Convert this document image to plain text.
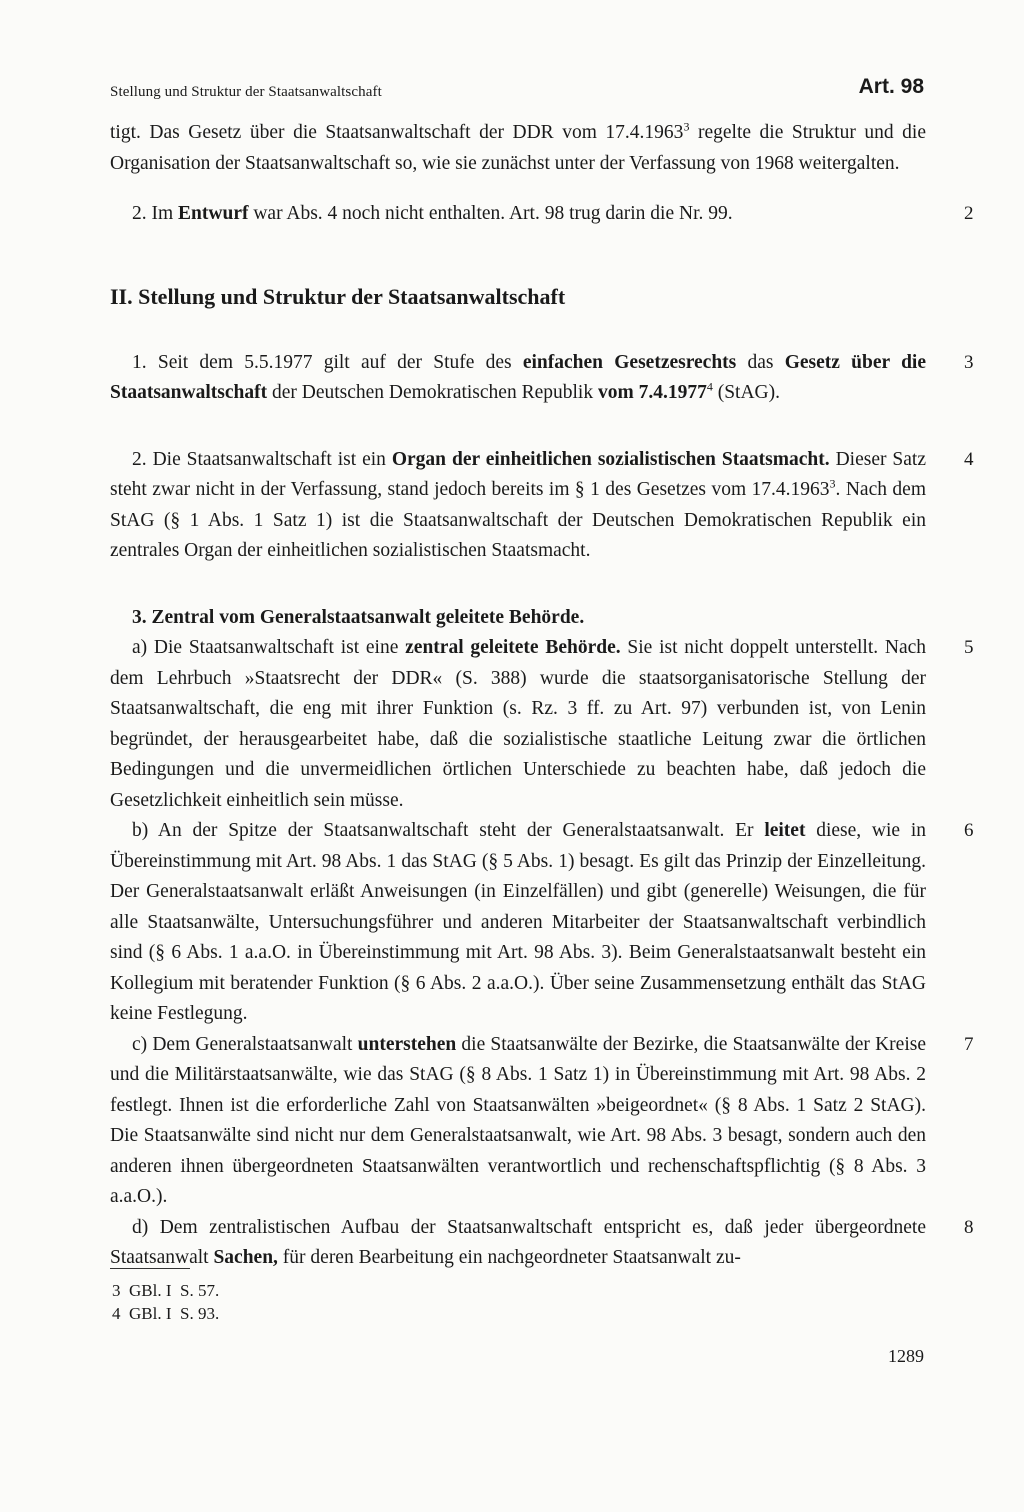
Stellung und Struktur der Staatsanwaltschaft	Art. 98

tigt. Das Gesetz über die Staatsanwaltschaft der DDR vom 17.4.1963$^3$ regelte die Struktur und die Organisation der Staatsanwaltschaft so, wie sie zunächst unter der Verfassung von 1968 weitergalten.

2
2. Im Entwurf war Abs. 4 noch nicht enthalten. Art. 98 trug darin die Nr. 99.

II. Stellung und Struktur der Staatsanwaltschaft

3
1. Seit dem 5.5.1977 gilt auf der Stufe des einfachen Gesetzesrechts das Gesetz über die Staatsanwaltschaft der Deutschen Demokratischen Republik vom 7.4.1977$^4$ (StAG).

4
2. Die Staatsanwaltschaft ist ein Organ der einheitlichen sozialistischen Staatsmacht. Dieser Satz steht zwar nicht in der Verfassung, stand jedoch bereits im § 1 des Gesetzes vom 17.4.1963$^3$. Nach dem StAG (§ 1 Abs. 1 Satz 1) ist die Staatsanwaltschaft der Deutschen Demokratischen Republik ein zentrales Organ der einheitlichen sozialistischen Staatsmacht.

3. Zentral vom Generalstaatsanwalt geleitete Behörde.

5
a) Die Staatsanwaltschaft ist eine zentral geleitete Behörde. Sie ist nicht doppelt unterstellt. Nach dem Lehrbuch »Staatsrecht der DDR« (S. 388) wurde die staatsorganisatorische Stellung der Staatsanwaltschaft, die eng mit ihrer Funktion (s. Rz. 3 ff. zu Art. 97) verbunden ist, von Lenin begründet, der herausgearbeitet habe, daß die sozialistische staatliche Leitung zwar die örtlichen Bedingungen und die unvermeidlichen örtlichen Unterschiede zu beachten habe, daß jedoch die Gesetzlichkeit einheitlich sein müsse.

6
b) An der Spitze der Staatsanwaltschaft steht der Generalstaatsanwalt. Er leitet diese, wie in Übereinstimmung mit Art. 98 Abs. 1 das StAG (§ 5 Abs. 1) besagt. Es gilt das Prinzip der Einzelleitung. Der Generalstaatsanwalt erläßt Anweisungen (in Einzelfällen) und gibt (generelle) Weisungen, die für alle Staatsanwälte, Untersuchungsführer und anderen Mitarbeiter der Staatsanwaltschaft verbindlich sind (§ 6 Abs. 1 a.a.O. in Übereinstimmung mit Art. 98 Abs. 3). Beim Generalstaatsanwalt besteht ein Kollegium mit beratender Funktion (§ 6 Abs. 2 a.a.O.). Über seine Zusammensetzung enthält das StAG keine Festlegung.

7
c) Dem Generalstaatsanwalt unterstehen die Staatsanwälte der Bezirke, die Staatsanwälte der Kreise und die Militärstaatsanwälte, wie das StAG (§ 8 Abs. 1 Satz 1) in Übereinstimmung mit Art. 98 Abs. 2 festlegt. Ihnen ist die erforderliche Zahl von Staatsanwälten »beigeordnet« (§ 8 Abs. 1 Satz 2 StAG). Die Staatsanwälte sind nicht nur dem Generalstaatsanwalt, wie Art. 98 Abs. 3 besagt, sondern auch den anderen ihnen übergeordneten Staatsanwälten verantwortlich und rechenschaftspflichtig (§ 8 Abs. 3 a.a.O.).

8
d) Dem zentralistischen Aufbau der Staatsanwaltschaft entspricht es, daß jeder übergeordnete Staatsanwalt Sachen, für deren Bearbeitung ein nachgeordneter Staatsanwalt zu-

3  GBl. I  S. 57.
4  GBl. I  S. 93.
1289
